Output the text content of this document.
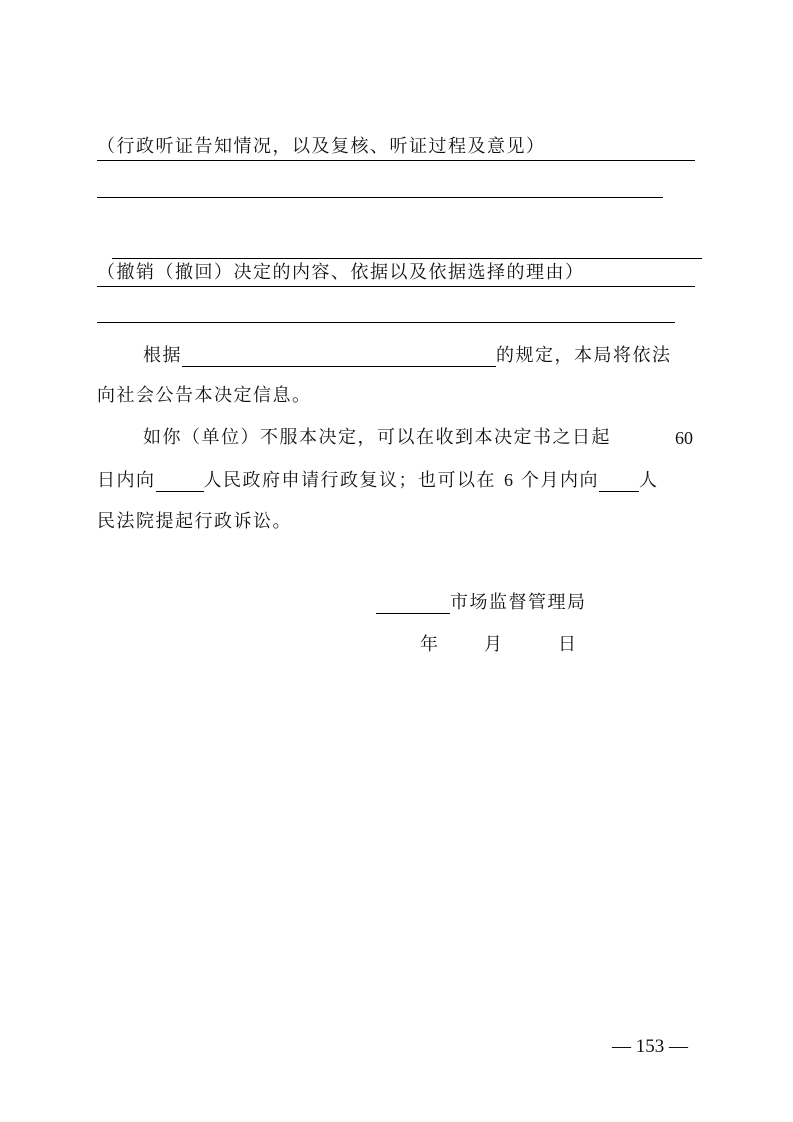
（行政听证告知情况，以及复核、听证过程及意见）
（撤销（撤回）决定的内容、依据以及依据选择的理由）
根据	的规定，本局将依法
向社会公告本决定信息。
如你（单位）不服本决定，可以在收到本决定书之日起	60
日内向	人民政府申请行政复议；也可以在 6 个月内向 人
民法院提起行政诉讼。
市场监督管理局
年	月	日
— 153 —
